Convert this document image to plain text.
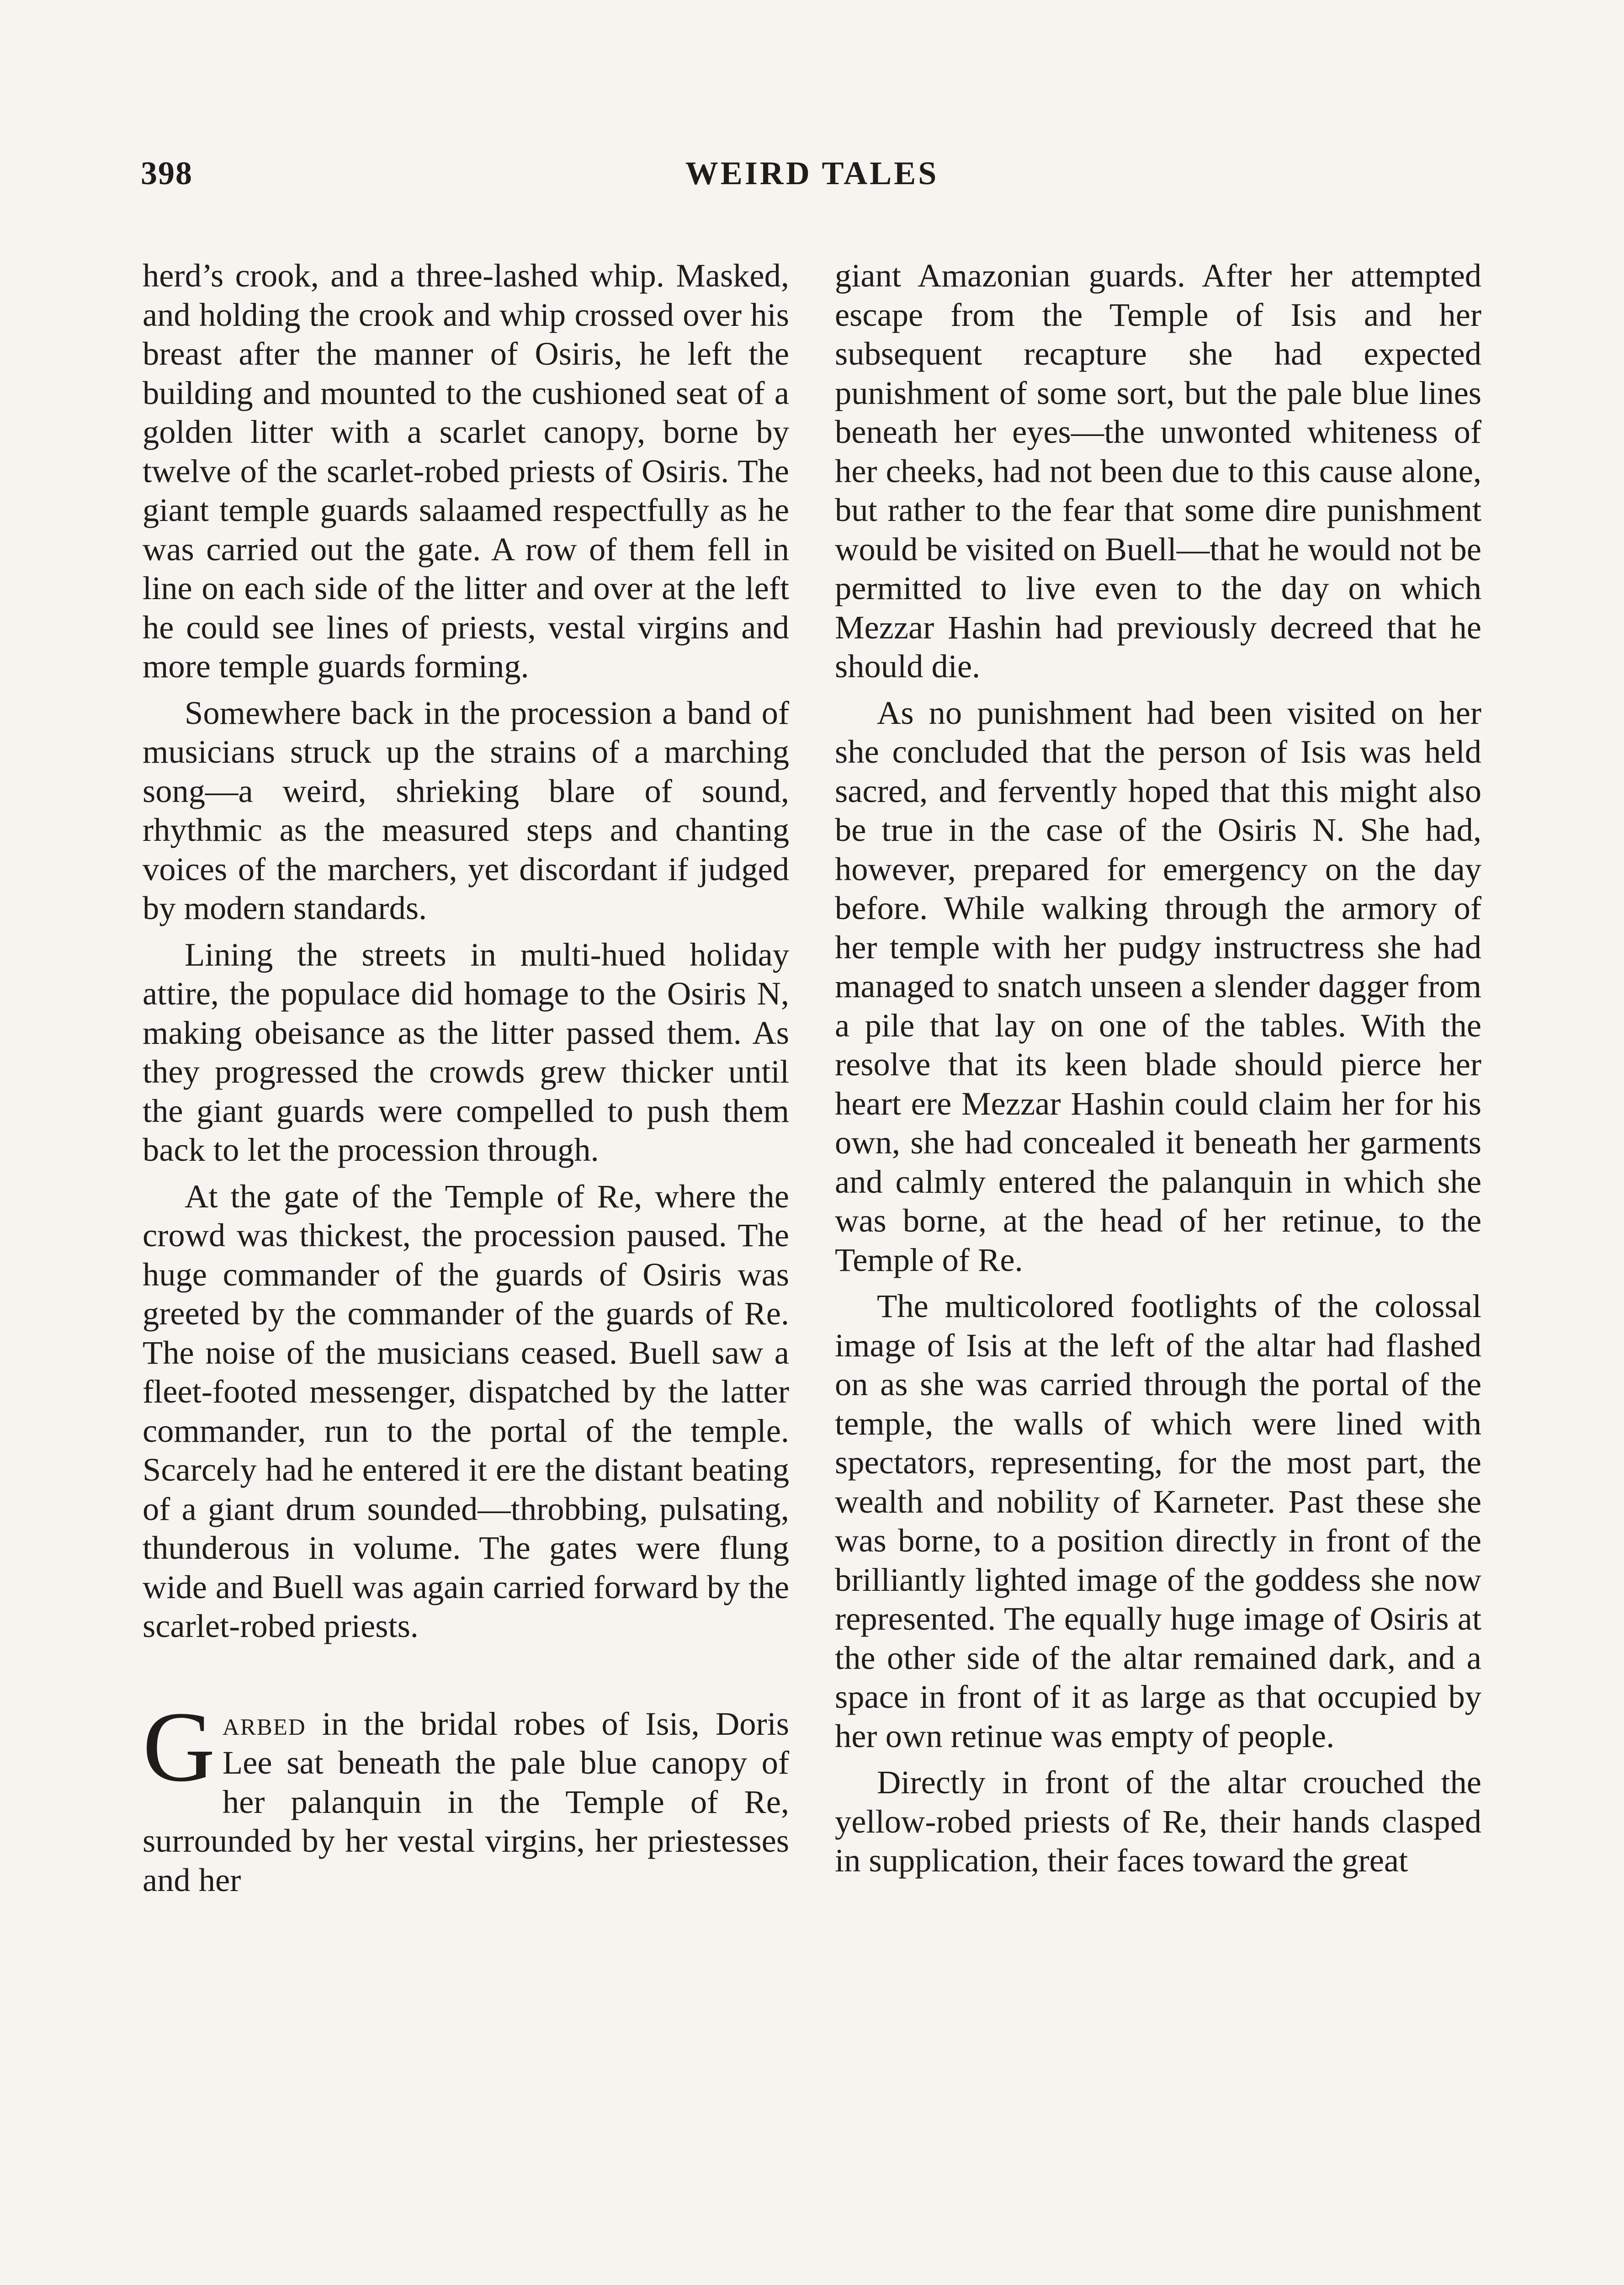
398	WEIRD TALES

herd’s crook, and a three-lashed whip. Masked, and holding the crook and whip crossed over his breast after the manner of Osiris, he left the building and mounted to the cushioned seat of a golden litter with a scarlet canopy, borne by twelve of the scarlet-robed priests of Osiris. The giant temple guards salaamed respectfully as he was carried out the gate. A row of them fell in line on each side of the litter and over at the left he could see lines of priests, vestal virgins and more temple guards forming.

Somewhere back in the procession a band of musicians struck up the strains of a marching song—a weird, shrieking blare of sound, rhythmic as the measured steps and chanting voices of the marchers, yet discordant if judged by modern standards.

Lining the streets in multi-hued holiday attire, the populace did homage to the Osiris N, making obeisance as the litter passed them. As they progressed the crowds grew thicker until the giant guards were compelled to push them back to let the procession through.

At the gate of the Temple of Re, where the crowd was thickest, the procession paused. The huge commander of the guards of Osiris was greeted by the commander of the guards of Re. The noise of the musicians ceased. Buell saw a fleet-footed messenger, dispatched by the latter commander, run to the portal of the temple. Scarcely had he entered it ere the distant beating of a giant drum sounded—throbbing, pulsating, thunderous in volume. The gates were flung wide and Buell was again carried forward by the scarlet-robed priests.

Garbed in the bridal robes of Isis, Doris Lee sat beneath the pale blue canopy of her palanquin in the Temple of Re, surrounded by her vestal virgins, her priestesses and her

giant Amazonian guards. After her attempted escape from the Temple of Isis and her subsequent recapture she had expected punishment of some sort, but the pale blue lines beneath her eyes—the unwonted whiteness of her cheeks, had not been due to this cause alone, but rather to the fear that some dire punishment would be visited on Buell—that he would not be permitted to live even to the day on which Mezzar Hashin had previously decreed that he should die.

As no punishment had been visited on her she concluded that the person of Isis was held sacred, and fervently hoped that this might also be true in the case of the Osiris N. She had, however, prepared for emergency on the day before. While walking through the armory of her temple with her pudgy instructress she had managed to snatch unseen a slender dagger from a pile that lay on one of the tables. With the resolve that its keen blade should pierce her heart ere Mezzar Hashin could claim her for his own, she had concealed it beneath her garments and calmly entered the palanquin in which she was borne, at the head of her retinue, to the Temple of Re.

The multicolored footlights of the colossal image of Isis at the left of the altar had flashed on as she was carried through the portal of the temple, the walls of which were lined with spectators, representing, for the most part, the wealth and nobility of Karneter. Past these she was borne, to a position directly in front of the brilliantly lighted image of the goddess she now represented. The equally huge image of Osiris at the other side of the altar remained dark, and a space in front of it as large as that occupied by her own retinue was empty of people.

Directly in front of the altar crouched the yellow-robed priests of Re, their hands clasped in supplication, their faces toward the great
